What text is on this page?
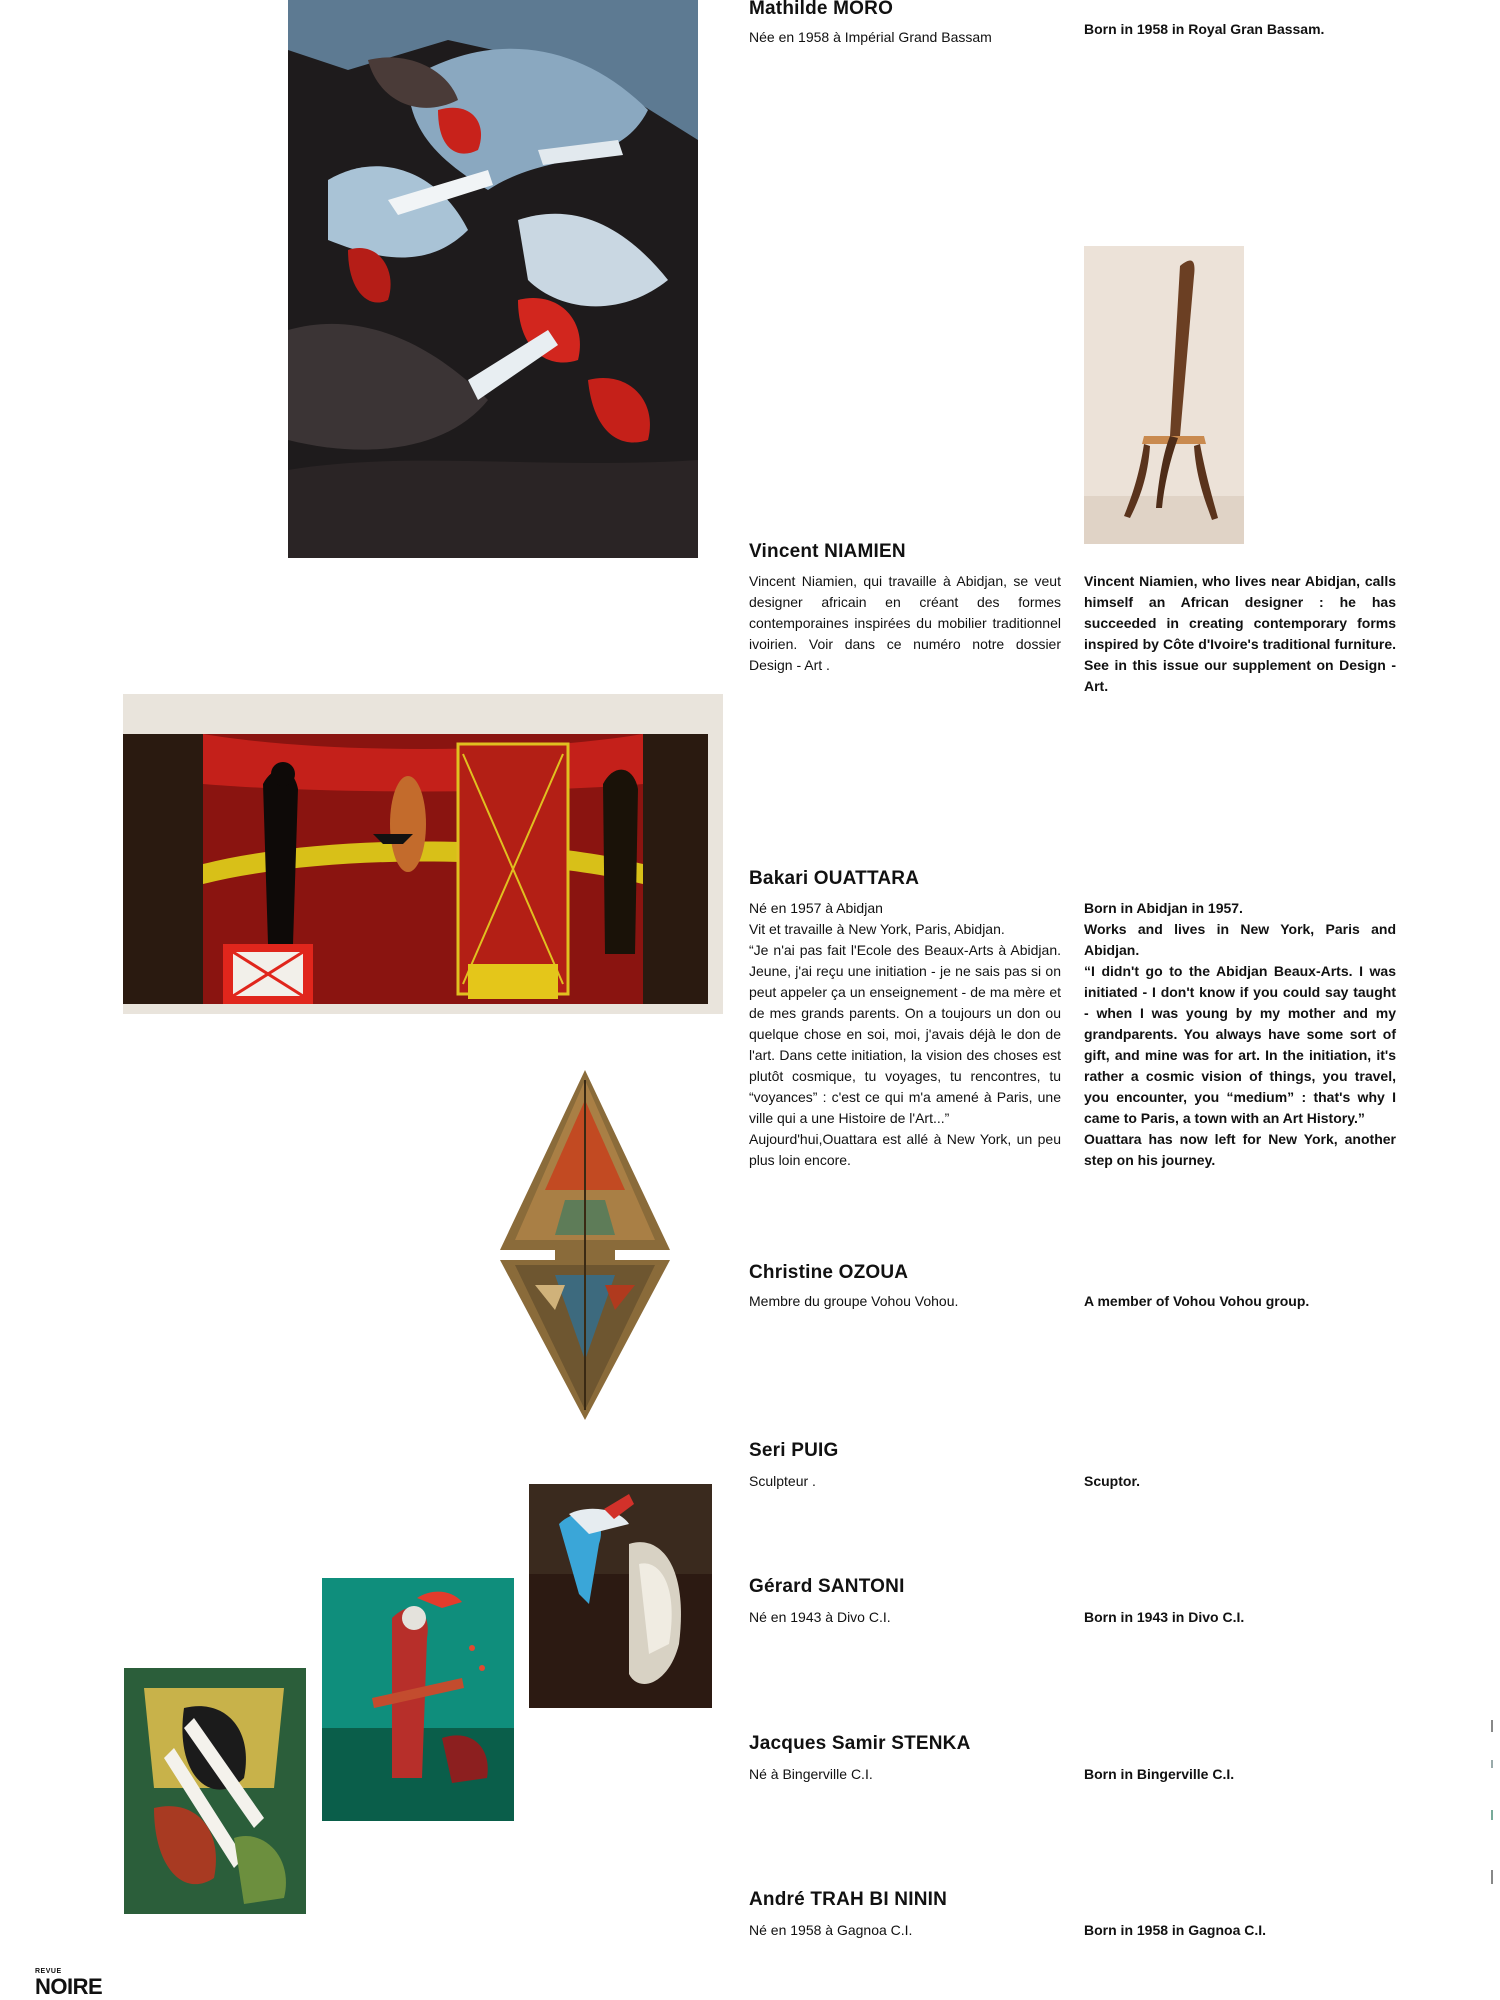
Mathilde MORO
Née en 1958 à Impérial Grand Bassam	Born in 1958 in Royal Gran Bassam.
Vincent NIAMIEN
Vincent Niamien, qui travaille à Abidjan, se veut designer africain en créant des formes contemporaines inspirées du mobilier traditionnel ivoirien. Voir dans ce numéro notre dossier Design - Art .
Vincent Niamien, who lives near Abidjan, calls himself an African designer : he has succeeded in creating contemporary forms inspired by Côte d'Ivoire's traditional furniture. See in this issue our supplement on Design - Art.
Bakari OUATTARA
Né en 1957 à Abidjan
Vit et travaille à New York, Paris, Abidjan.
“Je n'ai pas fait l'Ecole des Beaux-Arts à Abidjan. Jeune, j'ai reçu une initiation - je ne sais pas si on peut appeler ça un enseignement - de ma mère et de mes grands parents. On a toujours un don ou quelque chose en soi, moi, j'avais déjà le don de l'art. Dans cette initiation, la vision des choses est plutôt cosmique, tu voyages, tu rencontres, tu “voyances” : c'est ce qui m'a amené à Paris, une ville qui a une Histoire de l'Art...”
Aujourd'hui,Ouattara est allé à New York, un peu plus loin encore.
Born in Abidjan in 1957.
Works and lives in New York, Paris and Abidjan.
“I didn't go to the Abidjan Beaux-Arts. I was initiated - I don't know if you could say taught - when I was young by my mother and my grandparents. You always have some sort of gift, and mine was for art. In the initiation, it's rather a cosmic vision of things, you travel, you encounter, you “medium” : that's why I came to Paris, a town with an Art History.”
Ouattara has now left for New York, another step on his journey.
Christine OZOUA
Membre du groupe Vohou Vohou.	A member of Vohou Vohou group.
Seri PUIG
Sculpteur .	Scuptor.
Gérard SANTONI
Né en 1943 à Divo C.I.	Born in 1943 in Divo C.I.
Jacques Samir STENKA
Né à Bingerville C.I.	Born in Bingerville C.I.
André TRAH BI NININ
Né en 1958 à Gagnoa C.I.	Born in 1958 in Gagnoa C.I.
REVUE
NOIRE
